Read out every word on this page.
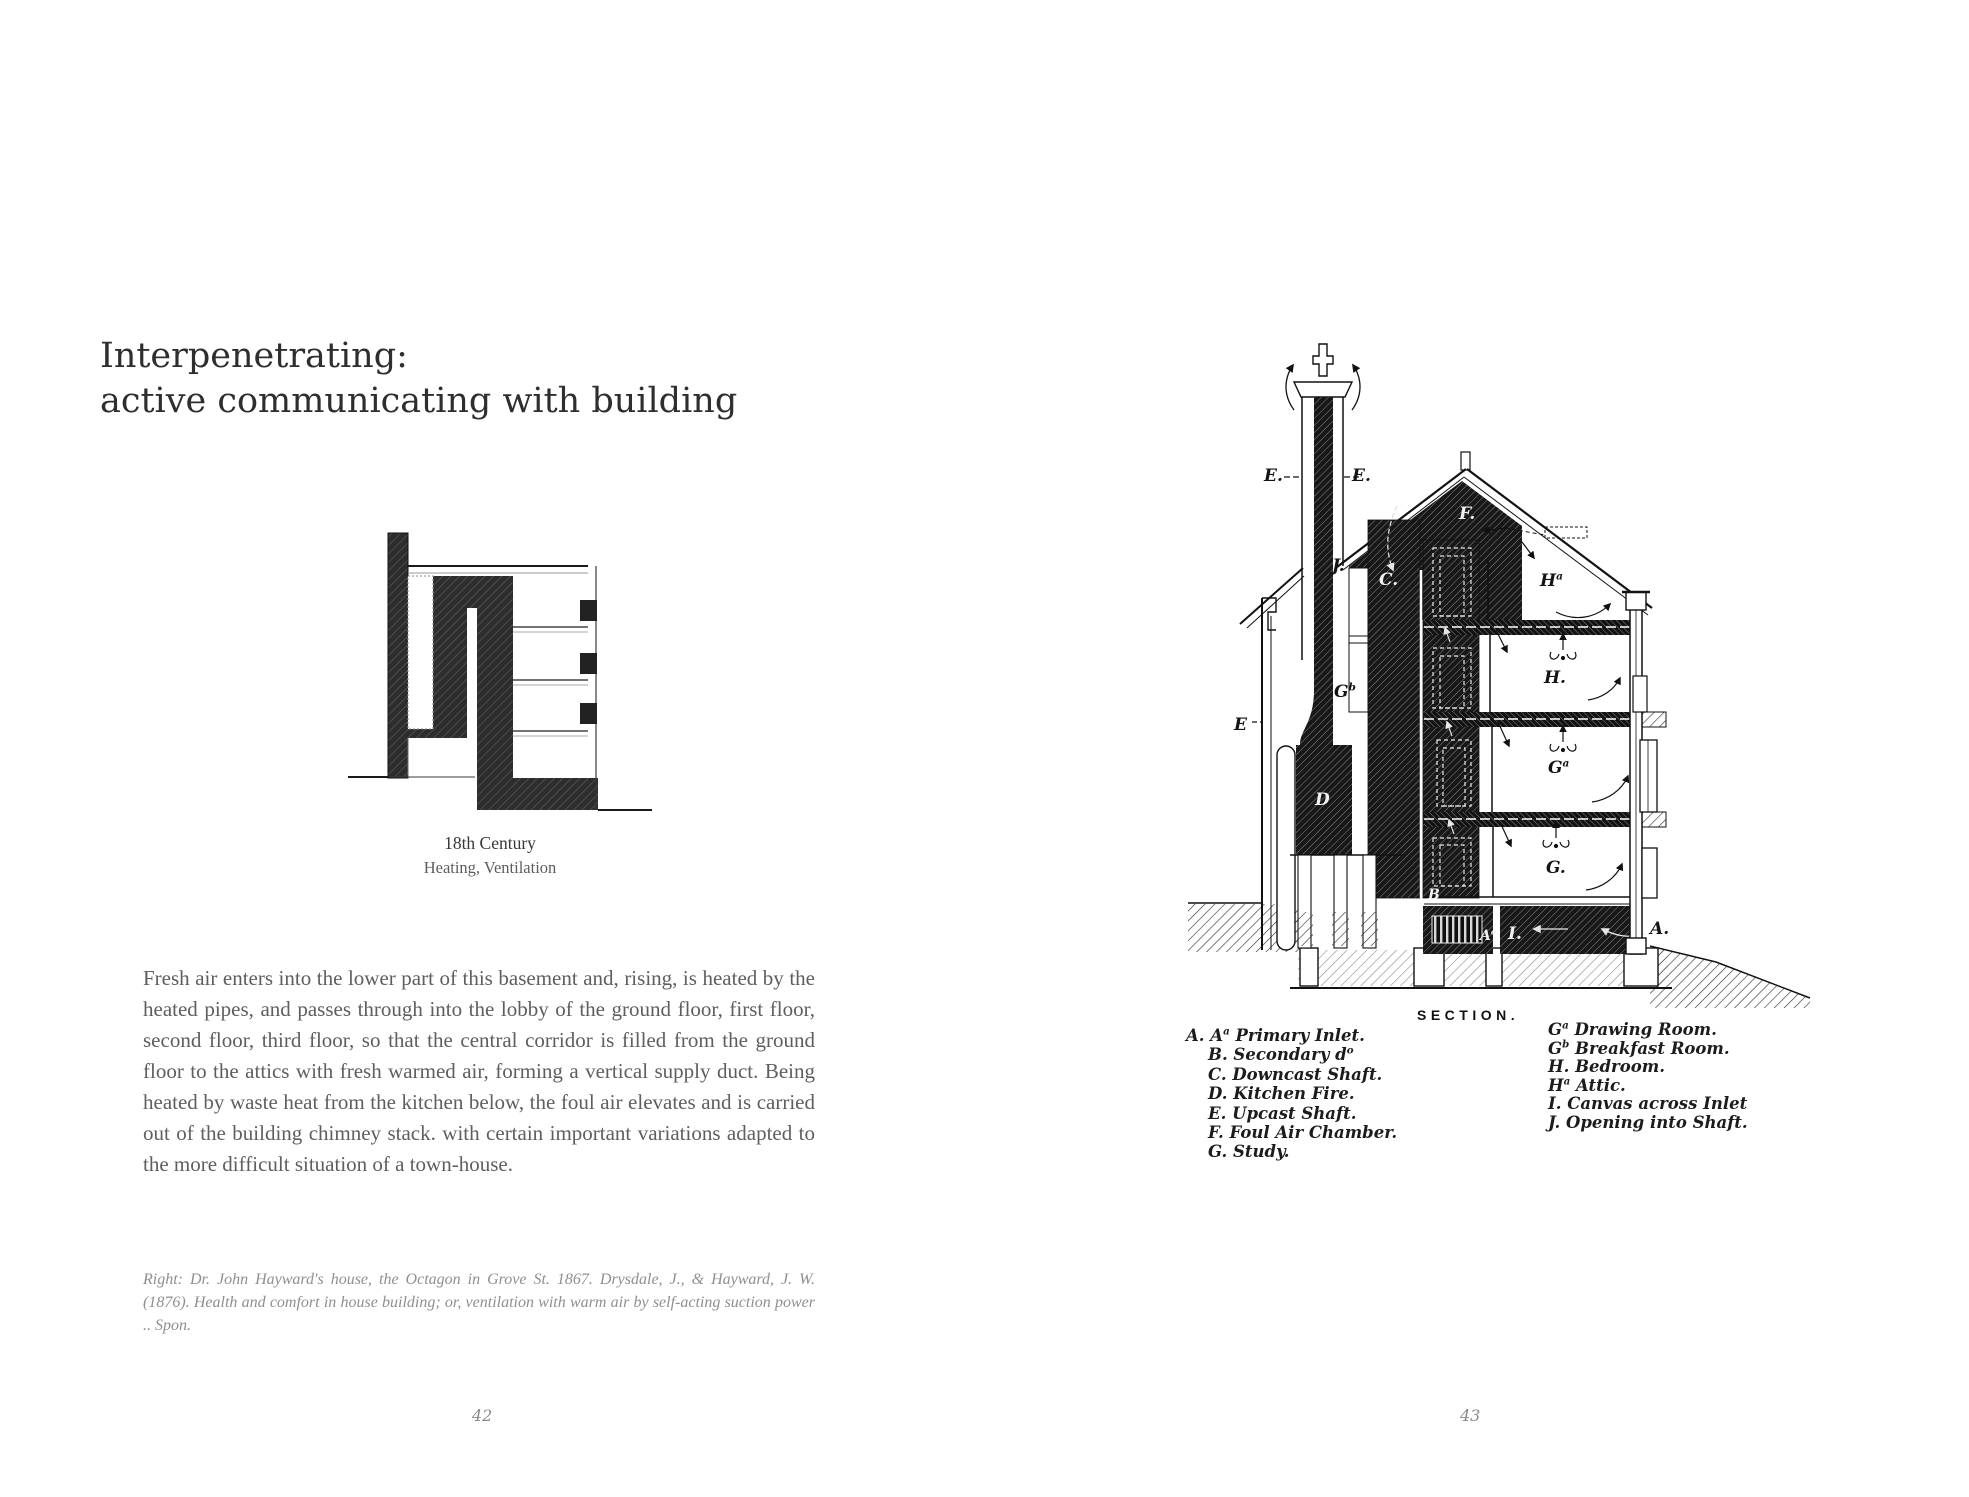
Interpenetrating:
active communicating with building
18th Century
Heating, Ventilation
Fresh air enters into the lower part of this basement and, rising, is heated by the heated pipes, and passes through into the lobby of the ground floor, first floor, second floor, third floor, so that the central corridor is filled from the ground floor to the attics with fresh warmed air, forming a vertical supply duct. Being heated by waste heat from the kitchen below, the foul air elevates and is carried out of the building chimney stack. with certain important variations adapted to the more difficult situation of a town-house.
Right: Dr. John Hayward's house, the Octagon in Grove St. 1867. Drysdale, J., & Hayward, J. W. (1876). Health and comfort in house building; or, ventilation with warm air by self-acting suction power .. Spon.
42
E.	E.
F.
J.
C.	$H^a$
$G^b$
E
H.
$G^a$
D
G.
B
$A^a$ I.	A.
SECTION.
A. $A^a$ Primary Inlet.
B. Secondary $d^o$
C. Downcast Shaft.
D. Kitchen Fire.
E. Upcast Shaft.
F. Foul Air Chamber.
G. Study.
$G^a$ Drawing Room.
$G^b$ Breakfast Room.
H. Bedroom.
$H^a$ Attic.
I. Canvas across Inlet
J. Opening into Shaft.
43
